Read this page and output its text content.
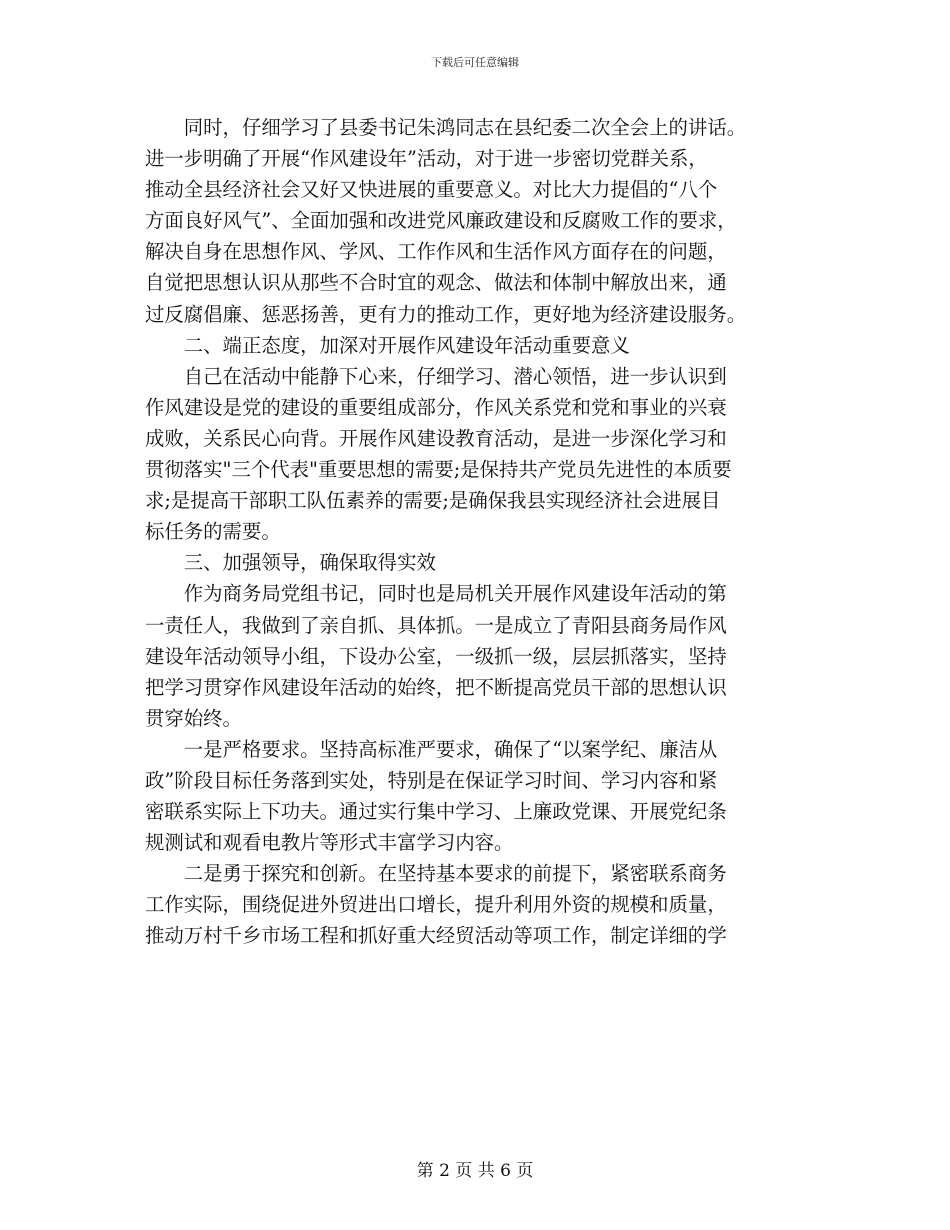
下载后可任意编辑

　　同时，仔细学习了县委书记朱鸿同志在县纪委二次全会上的讲话。

进一步明确了开展“作风建设年”活动，对于进一步密切党群关系，

推动全县经济社会又好又快进展的重要意义。对比大力提倡的“八个

方面良好风气”、全面加强和改进党风廉政建设和反腐败工作的要求，

解决自身在思想作风、学风、工作作风和生活作风方面存在的问题，

自觉把思想认识从那些不合时宜的观念、做法和体制中解放出来，通

过反腐倡廉、惩恶扬善，更有力的推动工作，更好地为经济建设服务。

　　二、端正态度，加深对开展作风建设年活动重要意义

　　自己在活动中能静下心来，仔细学习、潜心领悟，进一步认识到

作风建设是党的建设的重要组成部分，作风关系党和党和事业的兴衰

成败，关系民心向背。开展作风建设教育活动，是进一步深化学习和

贯彻落实"三个代表"重要思想的需要;是保持共产党员先进性的本质要

求;是提高干部职工队伍素养的需要;是确保我县实现经济社会进展目

标任务的需要。

　　三、加强领导，确保取得实效

　　作为商务局党组书记，同时也是局机关开展作风建设年活动的第

一责任人，我做到了亲自抓、具体抓。一是成立了青阳县商务局作风

建设年活动领导小组，下设办公室，一级抓一级，层层抓落实，坚持

把学习贯穿作风建设年活动的始终，把不断提高党员干部的思想认识

贯穿始终。

　　一是严格要求。坚持高标准严要求，确保了“以案学纪、廉洁从

政”阶段目标任务落到实处，特别是在保证学习时间、学习内容和紧

密联系实际上下功夫。通过实行集中学习、上廉政党课、开展党纪条

规测试和观看电教片等形式丰富学习内容。

　　二是勇于探究和创新。在坚持基本要求的前提下，紧密联系商务

工作实际，围绕促进外贸进出口增长，提升利用外资的规模和质量，

推动万村千乡市场工程和抓好重大经贸活动等项工作，制定详细的学

第 2 页 共 6 页
